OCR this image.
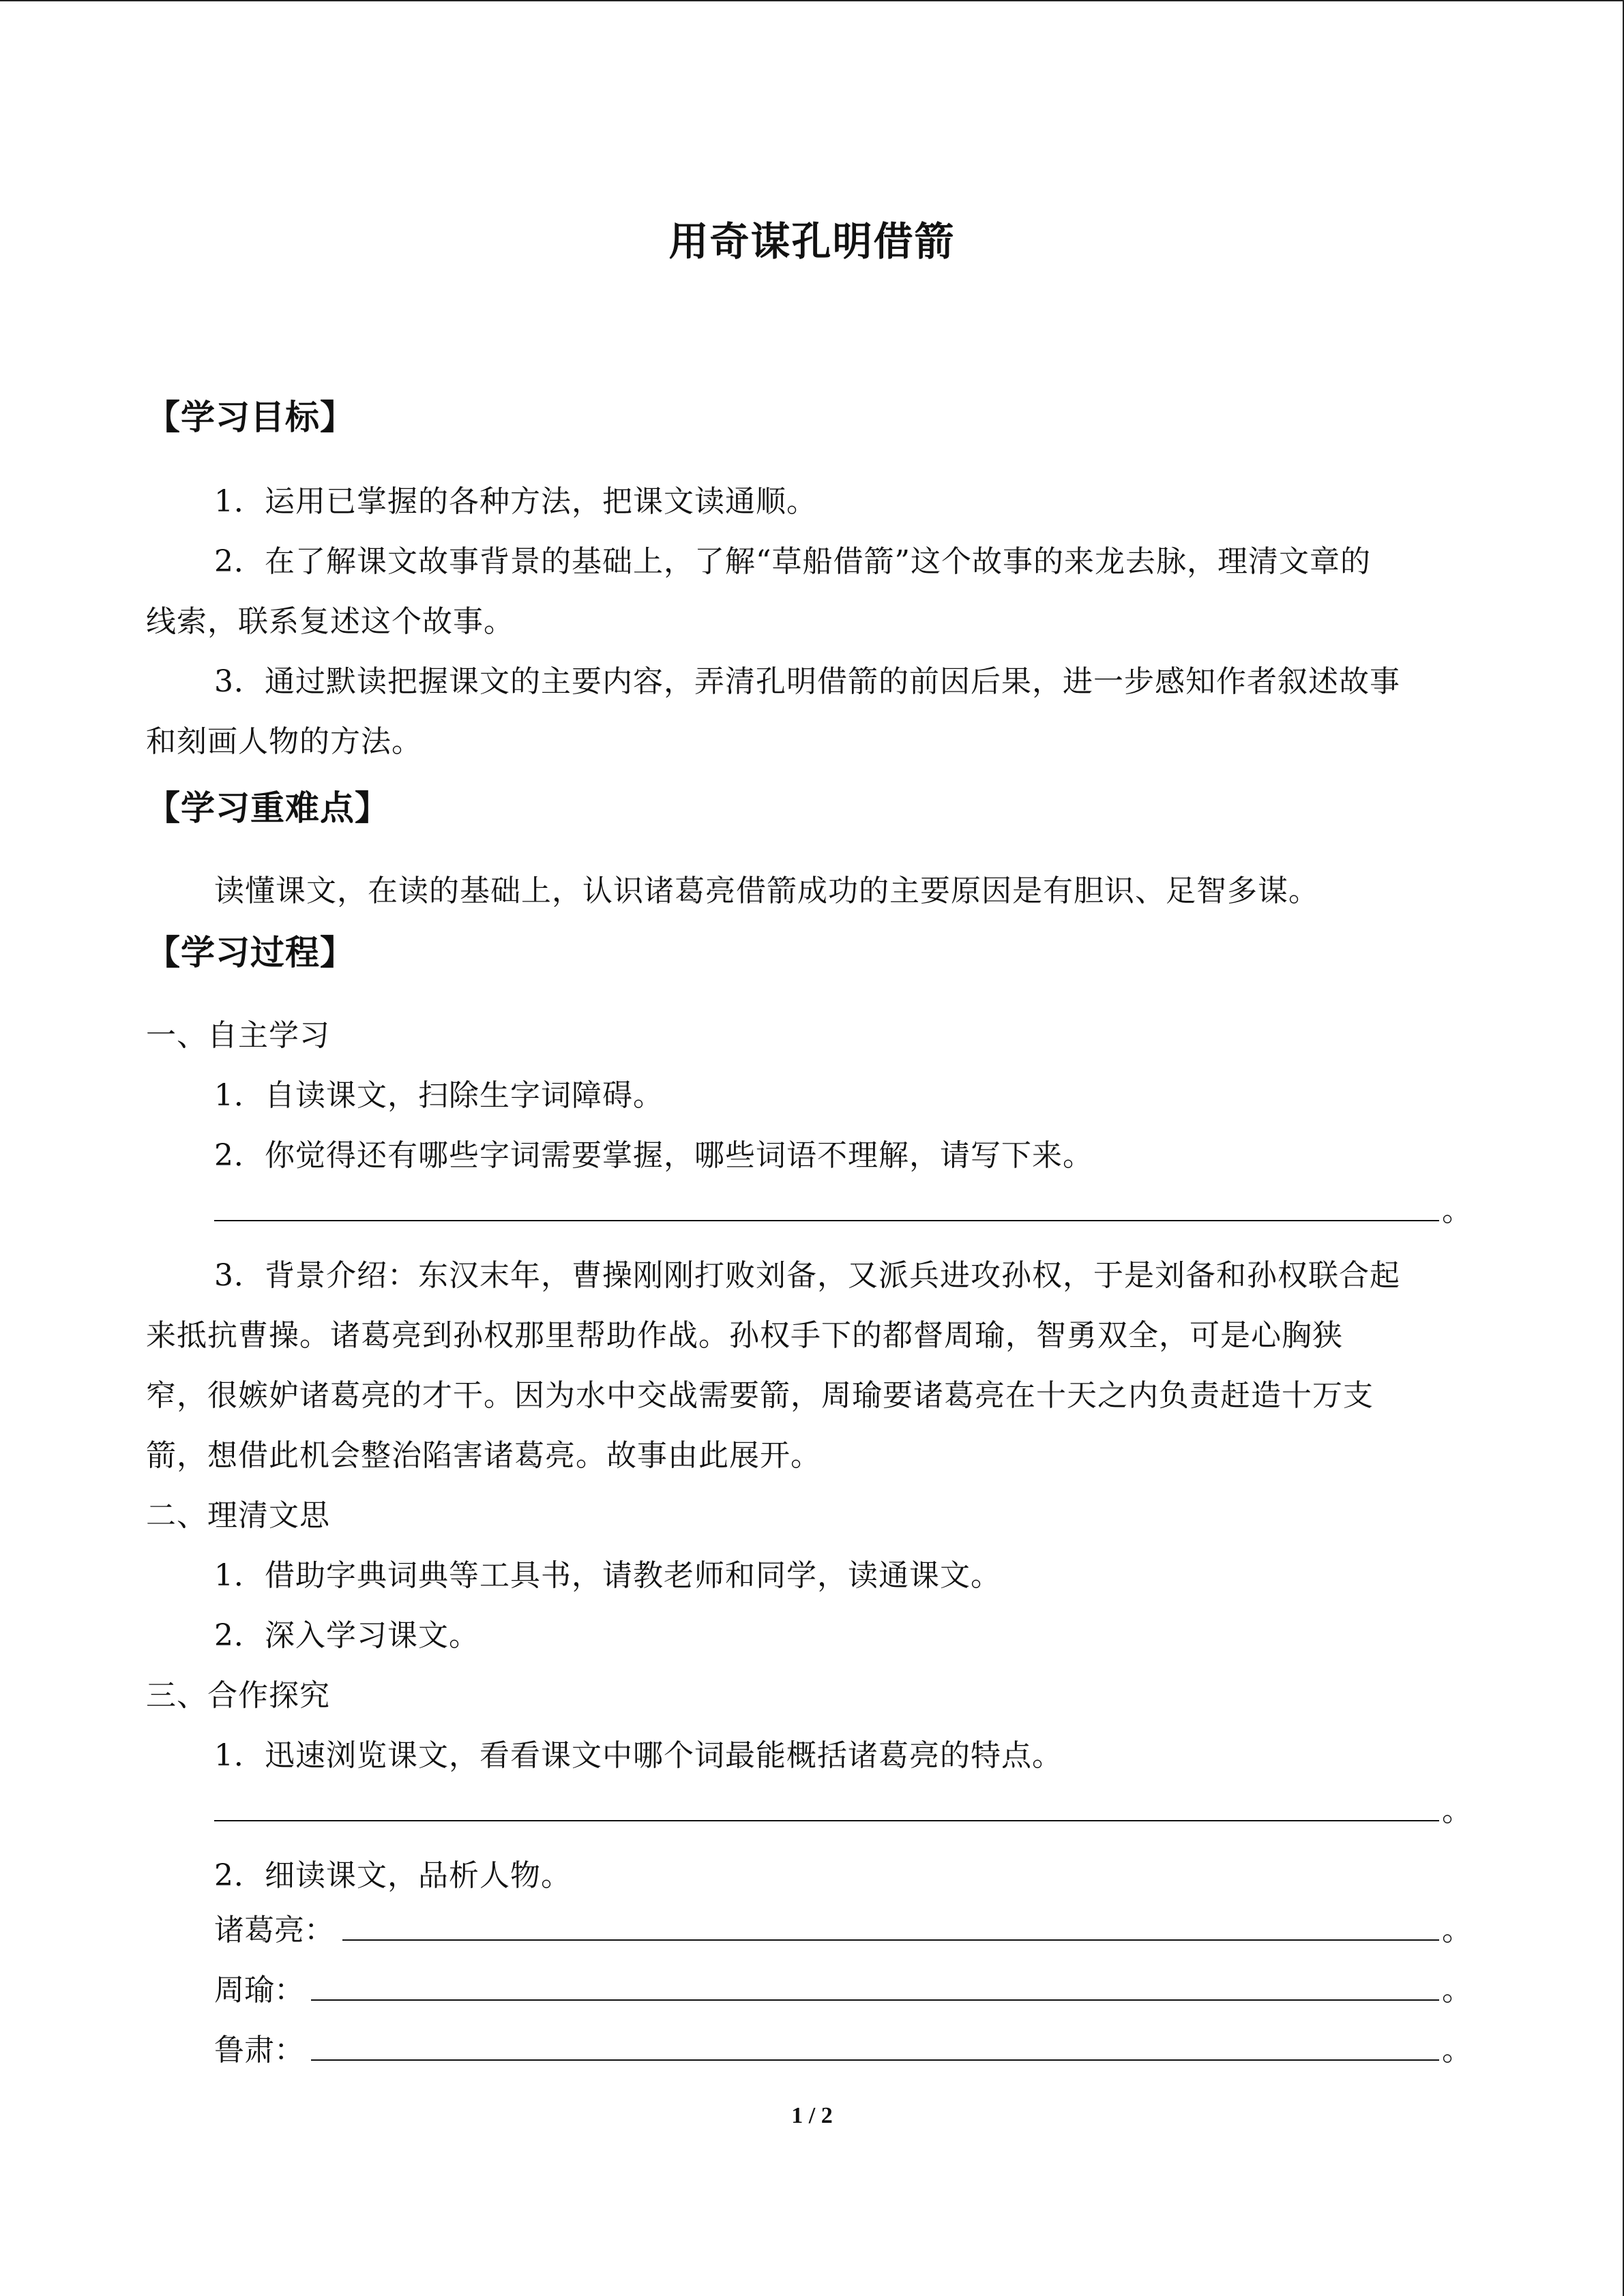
用奇谋孔明借箭
【学习目标】
1．运用已掌握的各种方法，把课文读通顺。
2．在了解课文故事背景的基础上，了解“草船借箭”这个故事的来龙去脉，理清文章的
线索，联系复述这个故事。
3．通过默读把握课文的主要内容，弄清孔明借箭的前因后果，进一步感知作者叙述故事
和刻画人物的方法。
【学习重难点】
读懂课文，在读的基础上，认识诸葛亮借箭成功的主要原因是有胆识、足智多谋。
【学习过程】
一、自主学习
1．自读课文，扫除生字词障碍。
2．你觉得还有哪些字词需要掌握，哪些词语不理解，请写下来。
。
3．背景介绍：东汉末年，曹操刚刚打败刘备，又派兵进攻孙权，于是刘备和孙权联合起
来抵抗曹操。诸葛亮到孙权那里帮助作战。孙权手下的都督周瑜，智勇双全，可是心胸狭
窄，很嫉妒诸葛亮的才干。因为水中交战需要箭，周瑜要诸葛亮在十天之内负责赶造十万支
箭，想借此机会整治陷害诸葛亮。故事由此展开。
二、理清文思
1．借助字典词典等工具书，请教老师和同学，读通课文。
2．深入学习课文。
三、合作探究
1．迅速浏览课文，看看课文中哪个词最能概括诸葛亮的特点。
。
2．细读课文，品析人物。
诸葛亮：	。
周瑜：	。
鲁肃：	。
1 / 2
